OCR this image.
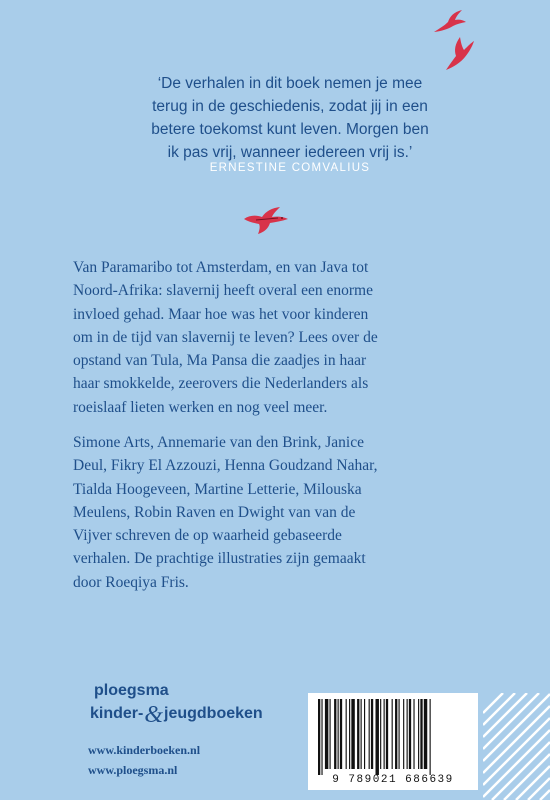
‘De verhalen in dit boek nemen je mee
terug in de geschiedenis, zodat jij in een
betere toekomst kunt leven. Morgen ben
ik pas vrij, wanneer iedereen vrij is.’
ERNESTINE COMVALIUS
Van Paramaribo tot Amsterdam, en van Java tot
Noord-Afrika: slavernij heeft overal een enorme
invloed gehad. Maar hoe was het voor kinderen
om in de tijd van slavernij te leven? Lees over de
opstand van Tula, Ma Pansa die zaadjes in haar
haar smokkelde, zeerovers die Nederlanders als
roeislaaf lieten werken en nog veel meer.
Simone Arts, Annemarie van den Brink, Janice
Deul, Fikry El Azzouzi, Henna Goudzand Nahar,
Tialda Hoogeveen, Martine Letterie, Milouska
Meulens, Robin Raven en Dwight van van de
Vijver schreven de op waarheid gebaseerde
verhalen. De prachtige illustraties zijn gemaakt
door Roeqiya Fris.
ploegsma
kinder-&jeugdboeken
www.kinderboeken.nl
www.ploegsma.nl
9 789021 686639
